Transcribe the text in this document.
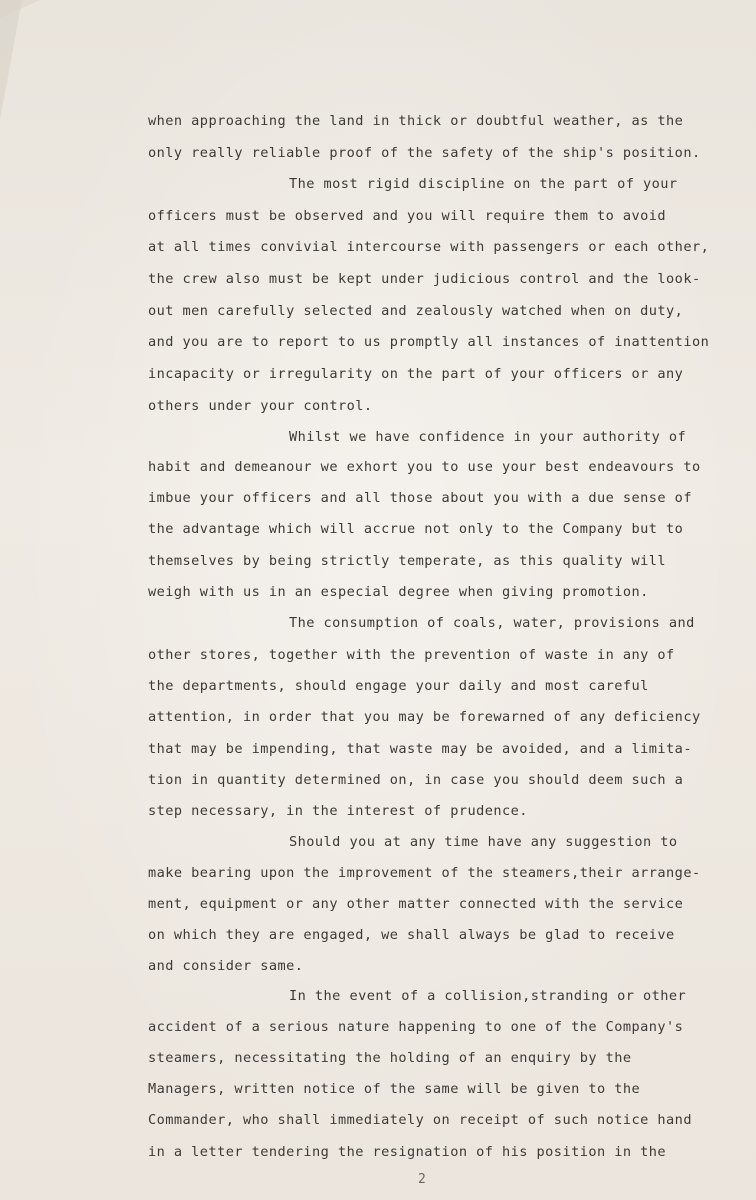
when approaching the land in thick or doubtful weather, as the
only really reliable proof of the safety of the ship's position.
The most rigid discipline on the part of your
officers must be observed and you will require them to avoid
at all times convivial intercourse with passengers or each other,
the crew also must be kept under judicious control and the look-
out men carefully selected and zealously watched when on duty,
and you are to report to us promptly all instances of inattention
incapacity or irregularity on the part of your officers or any
others under your control.
Whilst we have confidence in your authority of
habit and demeanour we exhort you to use your best endeavours to
imbue your officers and all those about you with a due sense of
the advantage which will accrue not only to the Company but to
themselves by being strictly temperate, as this quality will
weigh with us in an especial degree when giving promotion.
The consumption of coals, water, provisions and
other stores, together with the prevention of waste in any of
the departments, should engage your daily and most careful
attention, in order that you may be forewarned of any deficiency
that may be impending, that waste may be avoided, and a limita-
tion in quantity determined on, in case you should deem such a
step necessary, in the interest of prudence.
Should you at any time have any suggestion to
make bearing upon the improvement of the steamers,their arrange-
ment, equipment or any other matter connected with the service
on which they are engaged, we shall always be glad to receive
and consider same.
In the event of a collision,stranding or other
accident of a serious nature happening to one of the Company's
steamers, necessitating the holding of an enquiry by the
Managers, written notice of the same will be given to the
Commander, who shall immediately on receipt of such notice hand
in a letter tendering the resignation of his position in the
2
